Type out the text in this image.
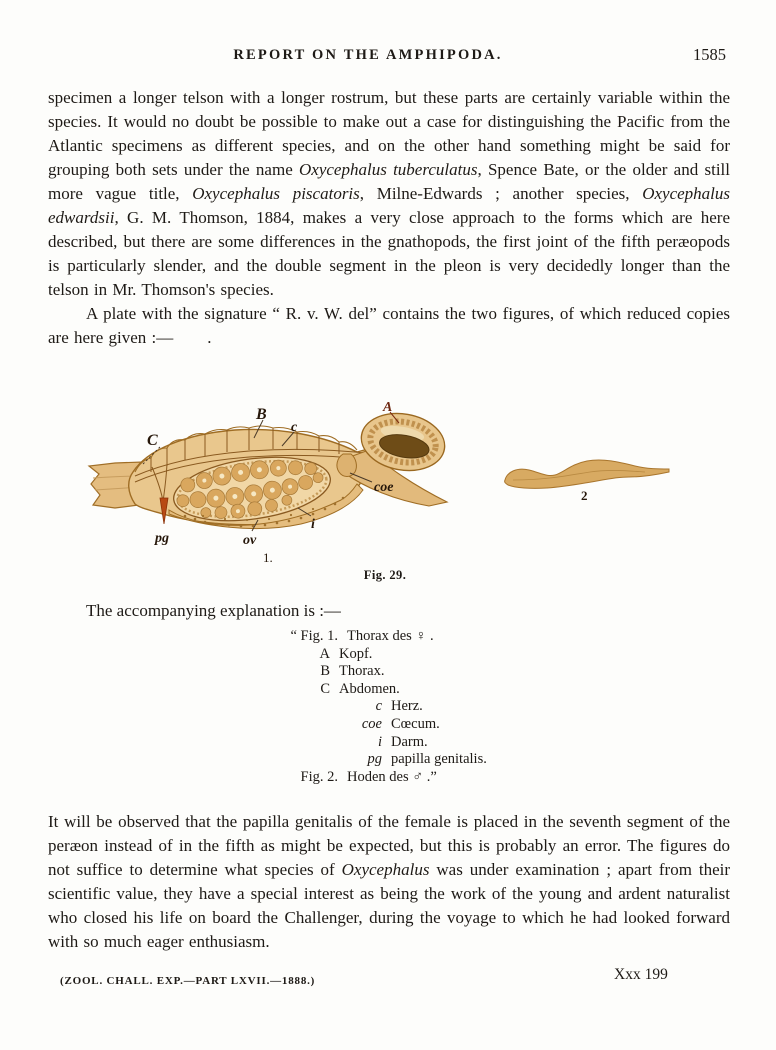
REPORT ON THE AMPHIPODA.	1585

specimen a longer telson with a longer rostrum, but these parts are certainly variable within the species. It would no doubt be possible to make out a case for distinguishing the Pacific from the Atlantic specimens as different species, and on the other hand something might be said for grouping both sets under the name Oxycephalus tuberculatus, Spence Bate, or the older and still more vague title, Oxycephalus piscatoris, Milne-Edwards ; another species, Oxycephalus edwardsii, G. M. Thomson, 1884, makes a very close approach to the forms which are here described, but there are some differences in the gnathopods, the first joint of the fifth peræopods is particularly slender, and the double segment in the pleon is very decidedly longer than the telson in Mr. Thomson's species.

A plate with the signature “ R. v. W. del” contains the two figures, of which reduced copies are here given :—    .

C
B
c
A
coe
i
ov
pg
1.
2
Fig. 29.
The accompanying explanation is :—
“ Fig. 1. Thorax des ♀ .
A Kopf.
B Thorax.
C Abdomen.
c Herz.
coe Cœcum.
i Darm.
pg papilla genitalis.
Fig. 2. Hoden des ♂ .”

It will be observed that the papilla genitalis of the female is placed in the seventh segment of the peræon instead of in the fifth as might be expected, but this is probably an error. The figures do not suffice to determine what species of Oxycephalus was under examination ; apart from their scientific value, they have a special interest as being the work of the young and ardent naturalist who closed his life on board the Challenger, during the voyage to which he had looked forward with so much eager enthusiasm.

(ZOOL. CHALL. EXP.—PART LXVII.—1888.)	Xxx 199
